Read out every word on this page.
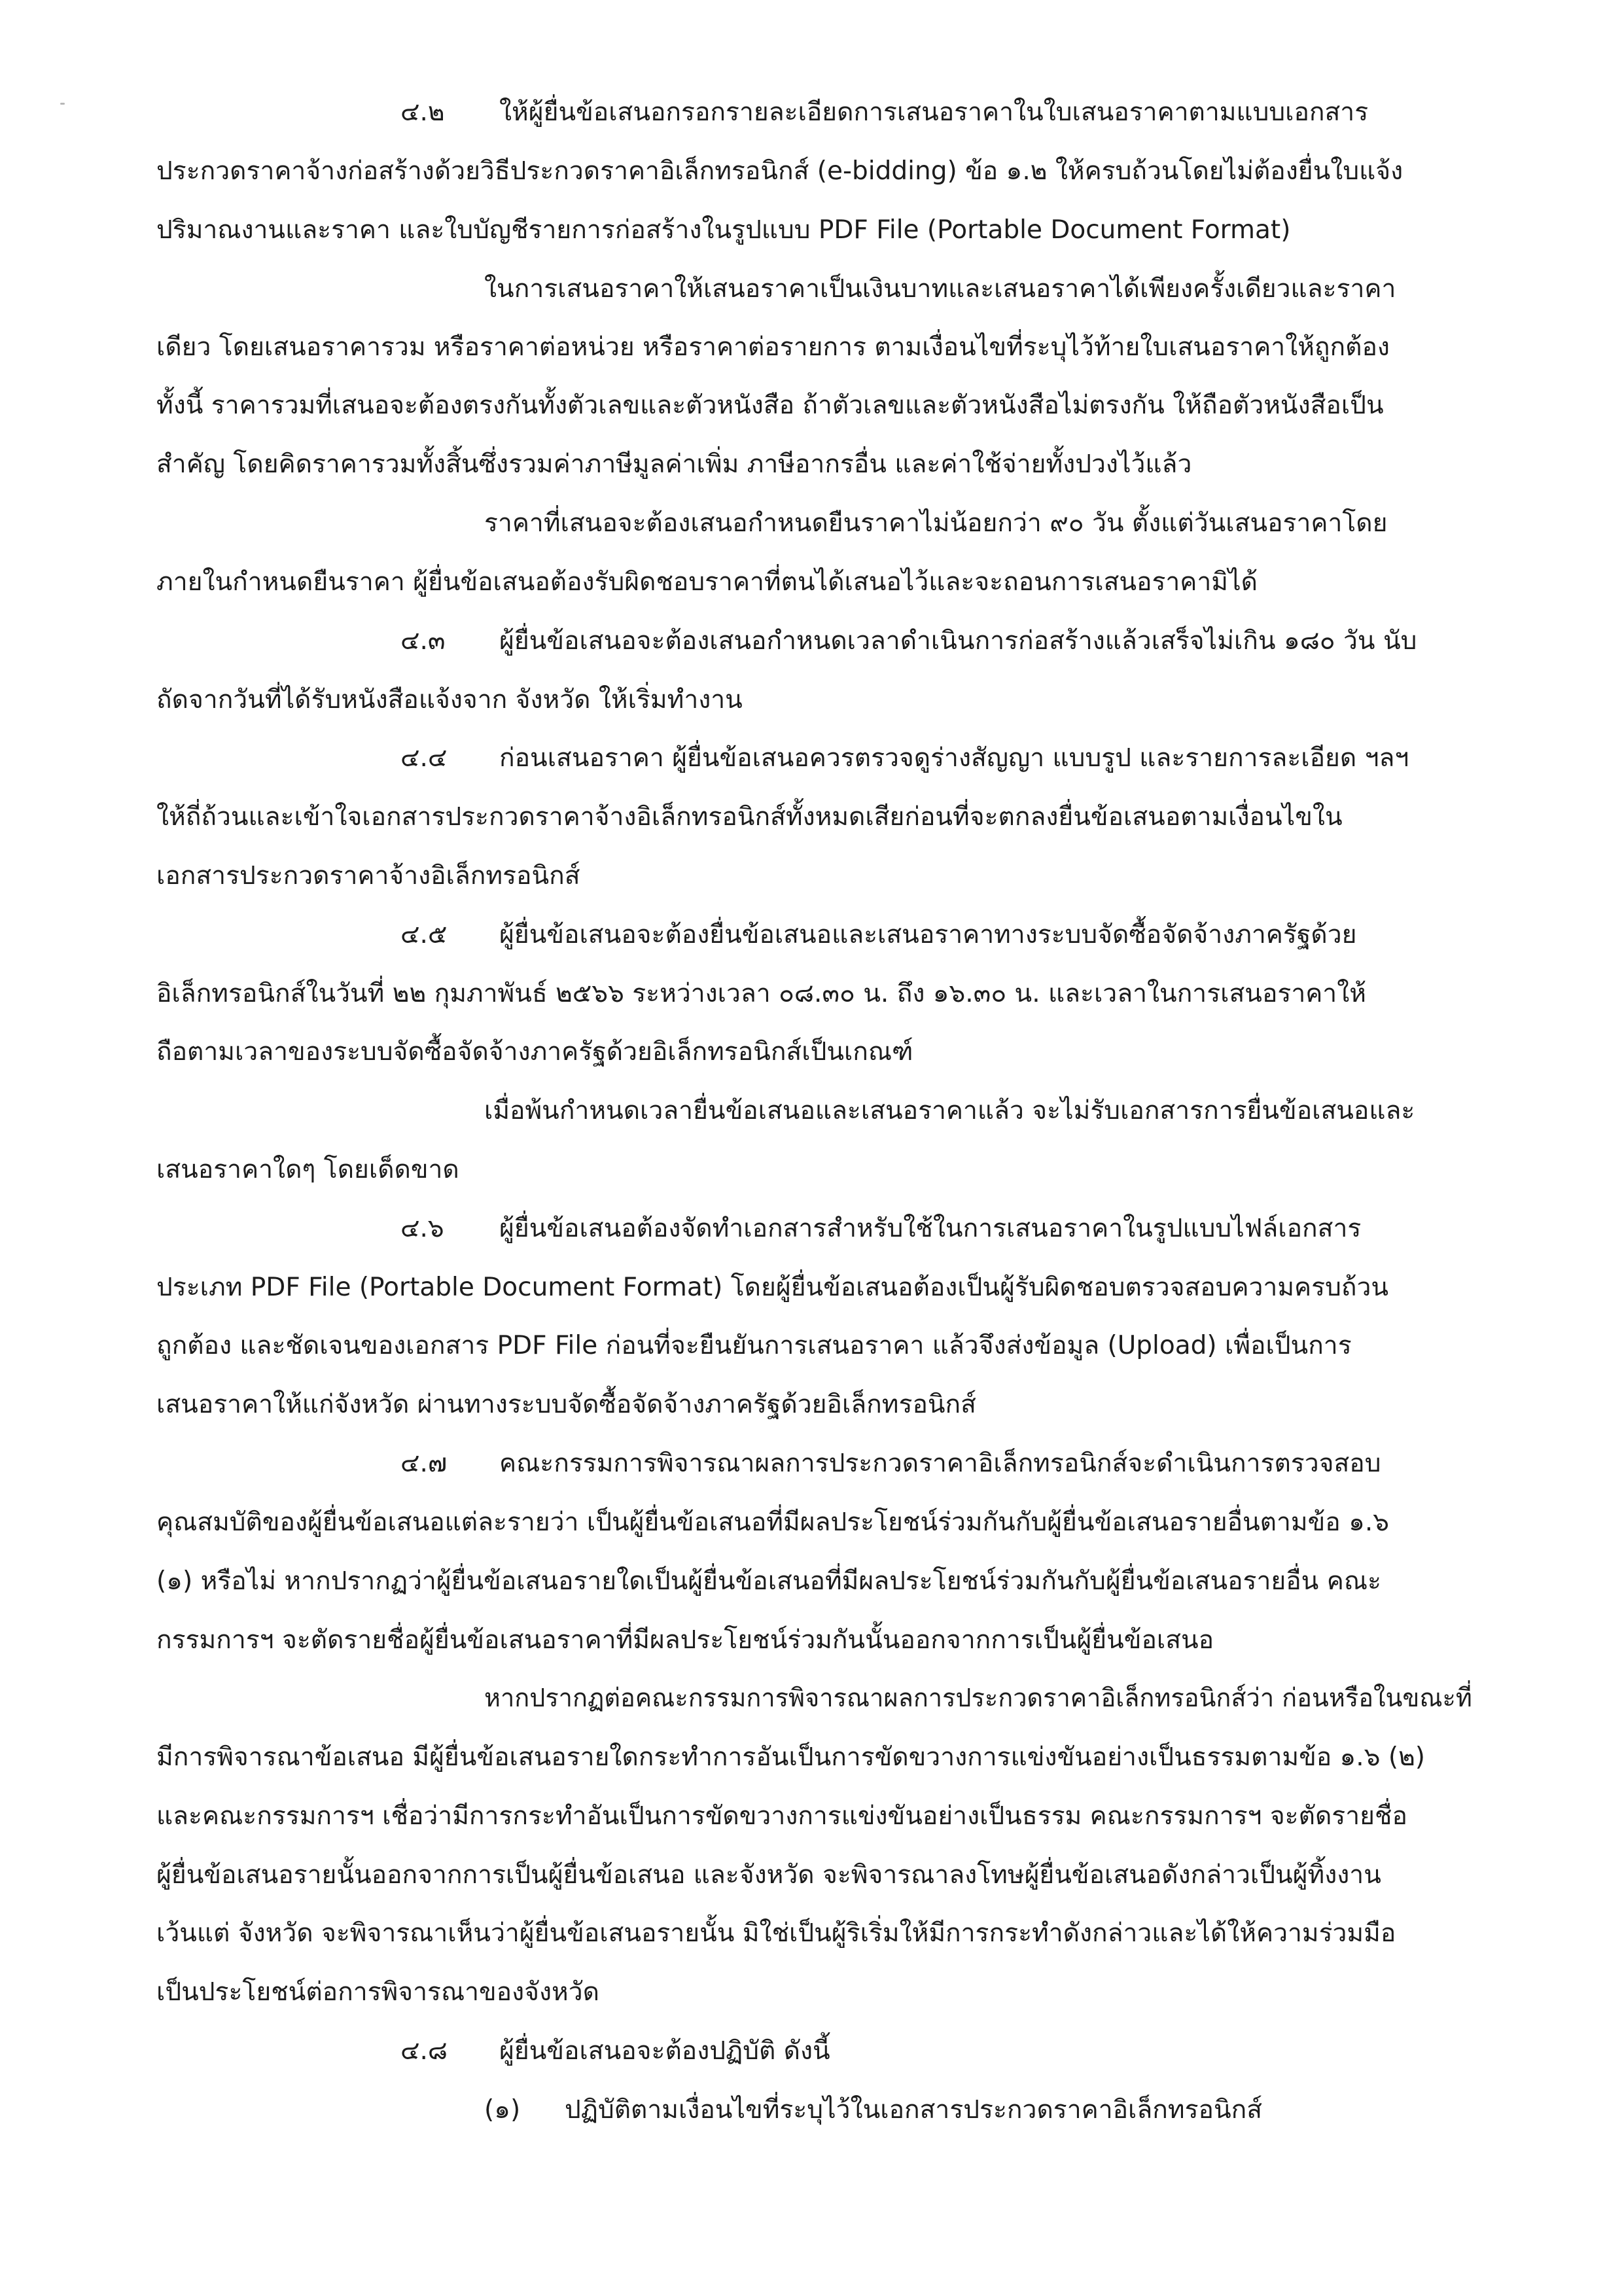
๔.๒ ให้ผู้ยื่นข้อเสนอกรอกรายละเอียดการเสนอราคาในใบเสนอราคาตามแบบเอกสาร
ประกวดราคาจ้างก่อสร้างด้วยวิธีประกวดราคาอิเล็กทรอนิกส์ (e-bidding) ข้อ ๑.๒ ให้ครบถ้วนโดยไม่ต้องยื่นใบแจ้ง
ปริมาณงานและราคา และใบบัญชีรายการก่อสร้างในรูปแบบ PDF File (Portable Document Format)
ในการเสนอราคาให้เสนอราคาเป็นเงินบาทและเสนอราคาได้เพียงครั้งเดียวและราคา
เดียว โดยเสนอราคารวม หรือราคาต่อหน่วย หรือราคาต่อรายการ ตามเงื่อนไขที่ระบุไว้ท้ายใบเสนอราคาให้ถูกต้อง
ทั้งนี้ ราคารวมที่เสนอจะต้องตรงกันทั้งตัวเลขและตัวหนังสือ ถ้าตัวเลขและตัวหนังสือไม่ตรงกัน ให้ถือตัวหนังสือเป็น
สำคัญ โดยคิดราคารวมทั้งสิ้นซึ่งรวมค่าภาษีมูลค่าเพิ่ม ภาษีอากรอื่น และค่าใช้จ่ายทั้งปวงไว้แล้ว
ราคาที่เสนอจะต้องเสนอกำหนดยืนราคาไม่น้อยกว่า ๙๐ วัน ตั้งแต่วันเสนอราคาโดย
ภายในกำหนดยืนราคา ผู้ยื่นข้อเสนอต้องรับผิดชอบราคาที่ตนได้เสนอไว้และจะถอนการเสนอราคามิได้
๔.๓ ผู้ยื่นข้อเสนอจะต้องเสนอกำหนดเวลาดำเนินการก่อสร้างแล้วเสร็จไม่เกิน ๑๘๐ วัน นับ
ถัดจากวันที่ได้รับหนังสือแจ้งจาก จังหวัด ให้เริ่มทำงาน
๔.๔ ก่อนเสนอราคา ผู้ยื่นข้อเสนอควรตรวจดูร่างสัญญา แบบรูป และรายการละเอียด ฯลฯ
ให้ถี่ถ้วนและเข้าใจเอกสารประกวดราคาจ้างอิเล็กทรอนิกส์ทั้งหมดเสียก่อนที่จะตกลงยื่นข้อเสนอตามเงื่อนไขใน
เอกสารประกวดราคาจ้างอิเล็กทรอนิกส์
๔.๕ ผู้ยื่นข้อเสนอจะต้องยื่นข้อเสนอและเสนอราคาทางระบบจัดซื้อจัดจ้างภาครัฐด้วย
อิเล็กทรอนิกส์ในวันที่ ๒๒ กุมภาพันธ์ ๒๕๖๖ ระหว่างเวลา ๐๘.๓๐ น. ถึง ๑๖.๓๐ น. และเวลาในการเสนอราคาให้
ถือตามเวลาของระบบจัดซื้อจัดจ้างภาครัฐด้วยอิเล็กทรอนิกส์เป็นเกณฑ์
เมื่อพ้นกำหนดเวลายื่นข้อเสนอและเสนอราคาแล้ว จะไม่รับเอกสารการยื่นข้อเสนอและ
เสนอราคาใดๆ โดยเด็ดขาด
๔.๖ ผู้ยื่นข้อเสนอต้องจัดทำเอกสารสำหรับใช้ในการเสนอราคาในรูปแบบไฟล์เอกสาร
ประเภท PDF File (Portable Document Format) โดยผู้ยื่นข้อเสนอต้องเป็นผู้รับผิดชอบตรวจสอบความครบถ้วน
ถูกต้อง และชัดเจนของเอกสาร PDF File ก่อนที่จะยืนยันการเสนอราคา แล้วจึงส่งข้อมูล (Upload) เพื่อเป็นการ
เสนอราคาให้แก่จังหวัด ผ่านทางระบบจัดซื้อจัดจ้างภาครัฐด้วยอิเล็กทรอนิกส์
๔.๗ คณะกรรมการพิจารณาผลการประกวดราคาอิเล็กทรอนิกส์จะดำเนินการตรวจสอบ
คุณสมบัติของผู้ยื่นข้อเสนอแต่ละรายว่า เป็นผู้ยื่นข้อเสนอที่มีผลประโยชน์ร่วมกันกับผู้ยื่นข้อเสนอรายอื่นตามข้อ ๑.๖
(๑) หรือไม่ หากปรากฏว่าผู้ยื่นข้อเสนอรายใดเป็นผู้ยื่นข้อเสนอที่มีผลประโยชน์ร่วมกันกับผู้ยื่นข้อเสนอรายอื่น คณะ
กรรมการฯ จะตัดรายชื่อผู้ยื่นข้อเสนอราคาที่มีผลประโยชน์ร่วมกันนั้นออกจากการเป็นผู้ยื่นข้อเสนอ
หากปรากฏต่อคณะกรรมการพิจารณาผลการประกวดราคาอิเล็กทรอนิกส์ว่า ก่อนหรือในขณะที่
มีการพิจารณาข้อเสนอ มีผู้ยื่นข้อเสนอรายใดกระทำการอันเป็นการขัดขวางการแข่งขันอย่างเป็นธรรมตามข้อ ๑.๖ (๒)
และคณะกรรมการฯ เชื่อว่ามีการกระทำอันเป็นการขัดขวางการแข่งขันอย่างเป็นธรรม คณะกรรมการฯ จะตัดรายชื่อ
ผู้ยื่นข้อเสนอรายนั้นออกจากการเป็นผู้ยื่นข้อเสนอ และจังหวัด จะพิจารณาลงโทษผู้ยื่นข้อเสนอดังกล่าวเป็นผู้ทิ้งงาน
เว้นแต่ จังหวัด จะพิจารณาเห็นว่าผู้ยื่นข้อเสนอรายนั้น มิใช่เป็นผู้ริเริ่มให้มีการกระทำดังกล่าวและได้ให้ความร่วมมือ
เป็นประโยชน์ต่อการพิจารณาของจังหวัด
๔.๘ ผู้ยื่นข้อเสนอจะต้องปฏิบัติ ดังนี้
(๑) ปฏิบัติตามเงื่อนไขที่ระบุไว้ในเอกสารประกวดราคาอิเล็กทรอนิกส์
